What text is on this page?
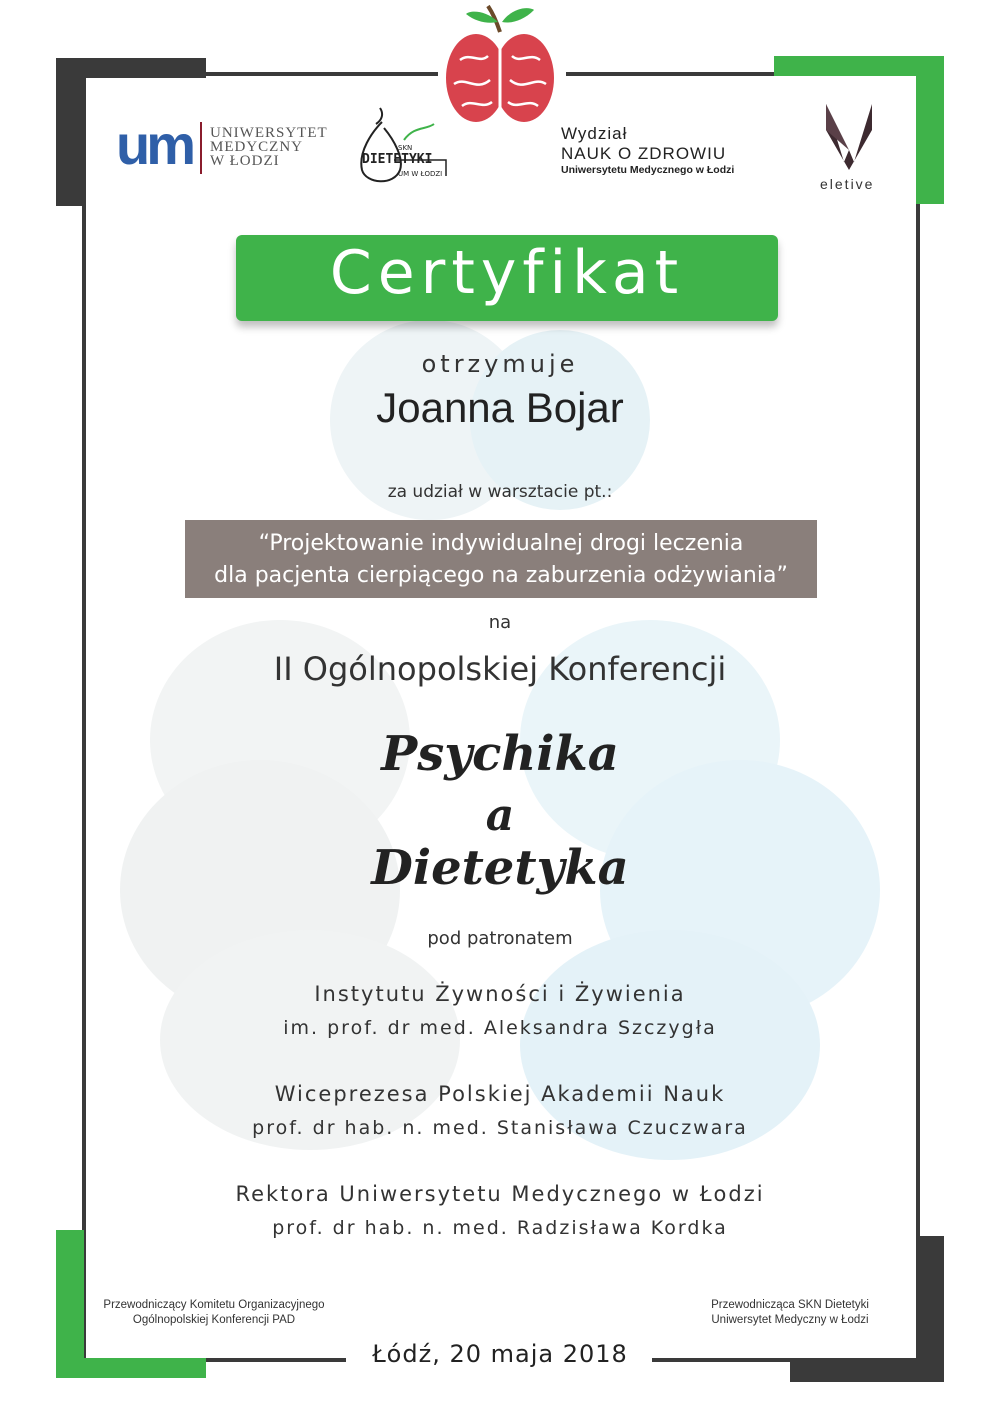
um UNIWERSYTET
MEDYCZNY
W ŁODZI
SKN
DIETETYKI
UM W ŁODZI
Wydział
NAUK O ZDROWIU
Uniwersytetu Medycznego w Łodzi
eletive
Certyfikat
otrzymuje
Joanna Bojar
za udział w warsztacie pt.:
“Projektowanie indywidualnej drogi leczenia
dla pacjenta cierpiącego na zaburzenia odżywiania”
na
II Ogólnopolskiej Konferencji
Psychika
a
Dietetyka
pod patronatem
Instytutu Żywności i Żywienia
im. prof. dr med. Aleksandra Szczygła
Wiceprezesa Polskiej Akademii Nauk
prof. dr hab. n. med. Stanisława Czuczwara
Rektora Uniwersytetu Medycznego w Łodzi
prof. dr hab. n. med. Radzisława Kordka
Przewodniczący Komitetu Organizacyjnego
Ogólnopolskiej Konferencji PAD
Przewodnicząca SKN Dietetyki
Uniwersytet Medyczny w Łodzi
Łódź, 20 maja 2018
